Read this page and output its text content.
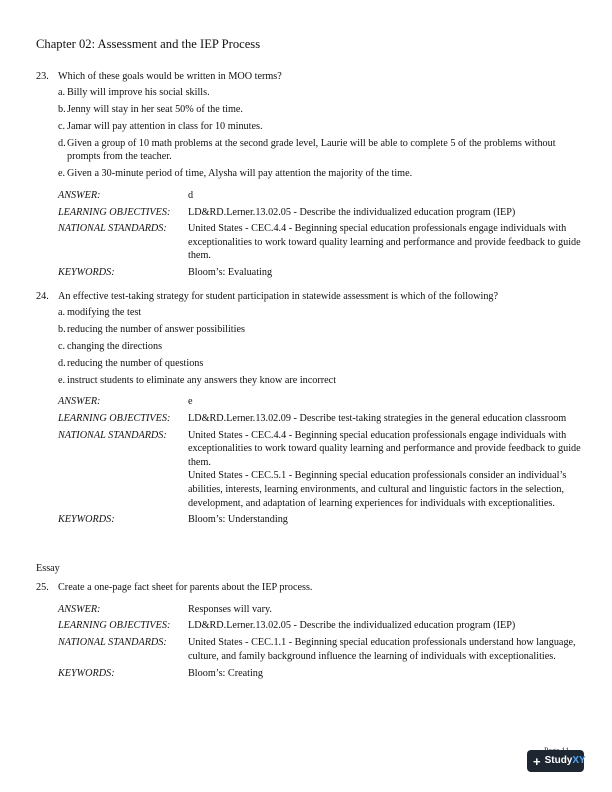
Chapter 02: Assessment and the IEP Process
23. Which of these goals would be written in MOO terms?
a. Billy will improve his social skills.
b. Jenny will stay in her seat 50% of the time.
c. Jamar will pay attention in class for 10 minutes.
d. Given a group of 10 math problems at the second grade level, Laurie will be able to complete 5 of the problems without prompts from the teacher.
e. Given a 30-minute period of time, Alysha will pay attention the majority of the time.
ANSWER:	d
LEARNING OBJECTIVES:	LD&RD.Lerner.13.02.05 - Describe the individualized education program (IEP)
NATIONAL STANDARDS:	United States - CEC.4.4 - Beginning special education professionals engage individuals with exceptionalities to work toward quality learning and performance and provide feedback to guide them.
KEYWORDS:	Bloom’s: Evaluating
24. An effective test-taking strategy for student participation in statewide assessment is which of the following?
a. modifying the test
b. reducing the number of answer possibilities
c. changing the directions
d. reducing the number of questions
e. instruct students to eliminate any answers they know are incorrect
ANSWER:	e
LEARNING OBJECTIVES:	LD&RD.Lerner.13.02.09 - Describe test-taking strategies in the general education classroom
NATIONAL STANDARDS:	United States - CEC.4.4 - Beginning special education professionals engage individuals with exceptionalities to work toward quality learning and performance and provide feedback to guide them.
United States - CEC.5.1 - Beginning special education professionals consider an individual’s abilities, interests, learning environments, and cultural and linguistic factors in the selection, development, and adaptation of learning experiences for individuals with exceptionalities.
KEYWORDS:	Bloom’s: Understanding
Essay
25. Create a one-page fact sheet for parents about the IEP process.
ANSWER:	Responses will vary.
LEARNING OBJECTIVES:	LD&RD.Lerner.13.02.05 - Describe the individualized education program (IEP)
NATIONAL STANDARDS:	United States - CEC.1.1 - Beginning special education professionals understand how language, culture, and family background influence the learning of individuals with exceptionalities.
KEYWORDS:	Bloom’s: Creating
+ Study XY
